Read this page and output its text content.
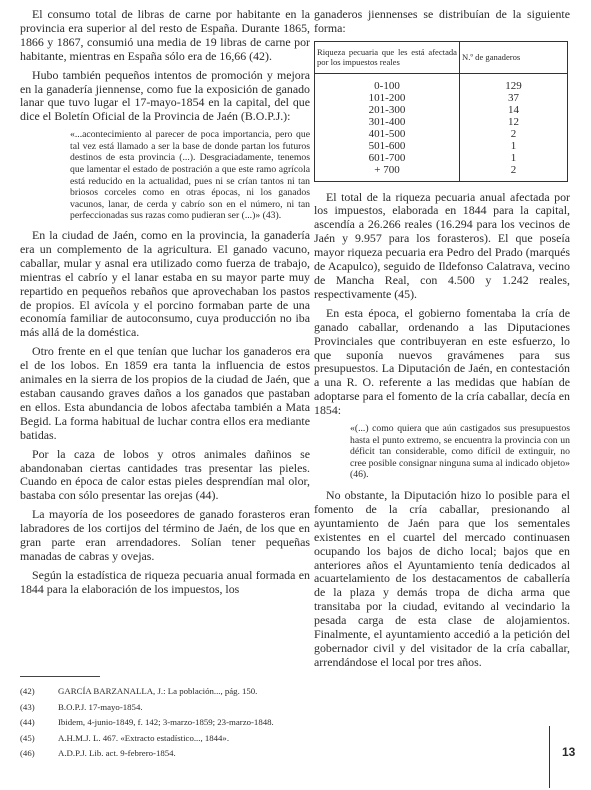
El consumo total de libras de carne por habitante en la provincia era superior al del resto de España. Durante 1865, 1866 y 1867, consumió una media de 19 libras de carne por habitante, mientras en España sólo era de 16,66 (42).

Hubo también pequeños intentos de promoción y mejora en la ganadería jiennense, como fue la exposición de ganado lanar que tuvo lugar el 17-mayo-1854 en la capital, del que dice el Boletín Oficial de la Provincia de Jaén (B.O.P.J.):

«...acontecimiento al parecer de poca importancia, pero que tal vez está llamado a ser la base de donde partan los futuros destinos de esta provincia (...). Desgraciadamente, tenemos que lamentar el estado de postración a que este ramo agrícola está reducido en la actualidad, pues ni se crían tantos ni tan briosos corceles como en otras épocas, ni los ganados vacunos, lanar, de cerda y cabrío son en el número, ni tan perfeccionadas sus razas como pudieran ser (...)» (43).

En la ciudad de Jaén, como en la provincia, la ganadería era un complemento de la agricultura. El ganado vacuno, caballar, mular y asnal era utilizado como fuerza de trabajo, mientras el cabrío y el lanar estaba en su mayor parte muy repartido en pequeños rebaños que aprovechaban los pastos de propios. El avícola y el porcino formaban parte de una economía familiar de autoconsumo, cuya producción no iba más allá de la doméstica.

Otro frente en el que tenían que luchar los ganaderos era el de los lobos. En 1859 era tanta la influencia de estos animales en la sierra de los propios de la ciudad de Jaén, que estaban causando graves daños a los ganados que pastaban en ellos. Esta abundancia de lobos afectaba también a Mata Begid. La forma habitual de luchar contra ellos era mediante batidas.

Por la caza de lobos y otros animales dañinos se abandonaban ciertas cantidades tras presentar las pieles. Cuando en época de calor estas pieles desprendían mal olor, bastaba con sólo presentar las orejas (44).

La mayoría de los poseedores de ganado forasteros eran labradores de los cortijos del término de Jaén, de los que en gran parte eran arrendadores. Solían tener pequeñas manadas de cabras y ovejas.

Según la estadística de riqueza pecuaria anual formada en 1844 para la elaboración de los impuestos, los

ganaderos jiennenses se distribuían de la siguiente forma:

Riqueza pecuaria que les está afectada por los impuestos reales	N.º de ganaderos
0-100	129
101-200	37
201-300	14
301-400	12
401-500	2
501-600	1
601-700	1
+ 700	2

El total de la riqueza pecuaria anual afectada por los impuestos, elaborada en 1844 para la capital, ascendía a 26.266 reales (16.294 para los vecinos de Jaén y 9.957 para los forasteros). El que poseía mayor riqueza pecuaria era Pedro del Prado (marqués de Acapulco), seguido de Ildefonso Calatrava, vecino de Mancha Real, con 4.500 y 1.242 reales, respectivamente (45).

En esta época, el gobierno fomentaba la cría de ganado caballar, ordenando a las Diputaciones Provinciales que contribuyeran en este esfuerzo, lo que suponía nuevos gravámenes para sus presupuestos. La Diputación de Jaén, en contestación a una R. O. referente a las medidas que habían de adoptarse para el fomento de la cría caballar, decía en 1854:

«(...) como quiera que aún castigados sus presupuestos hasta el punto extremo, se encuentra la provincia con un déficit tan considerable, como difícil de extinguir, no cree posible consignar ninguna suma al indicado objeto» (46).

No obstante, la Diputación hizo lo posible para el fomento de la cría caballar, presionando al ayuntamiento de Jaén para que los sementales existentes en el cuartel del mercado continuasen ocupando los bajos de dicho local; bajos que en anteriores años el Ayuntamiento tenía dedicados al acuartelamiento de los destacamentos de caballería de la plaza y demás tropa de dicha arma que transitaba por la ciudad, evitando al vecindario la pesada carga de esta clase de alojamientos. Finalmente, el ayuntamiento accedió a la petición del gobernador civil y del visitador de la cría caballar, arrendándose el local por tres años.

(42)	GARCÍA BARZANALLA, J.: La población..., pág. 150.
(43)	B.O.P.J. 17-mayo-1854.
(44)	Ibidem, 4-junio-1849, f. 142; 3-marzo-1859; 23-marzo-1848.
(45)	A.H.M.J. L. 467. «Extracto estadístico..., 1844».
(46)	A.D.P.J. Lib. act. 9-febrero-1854.	13
